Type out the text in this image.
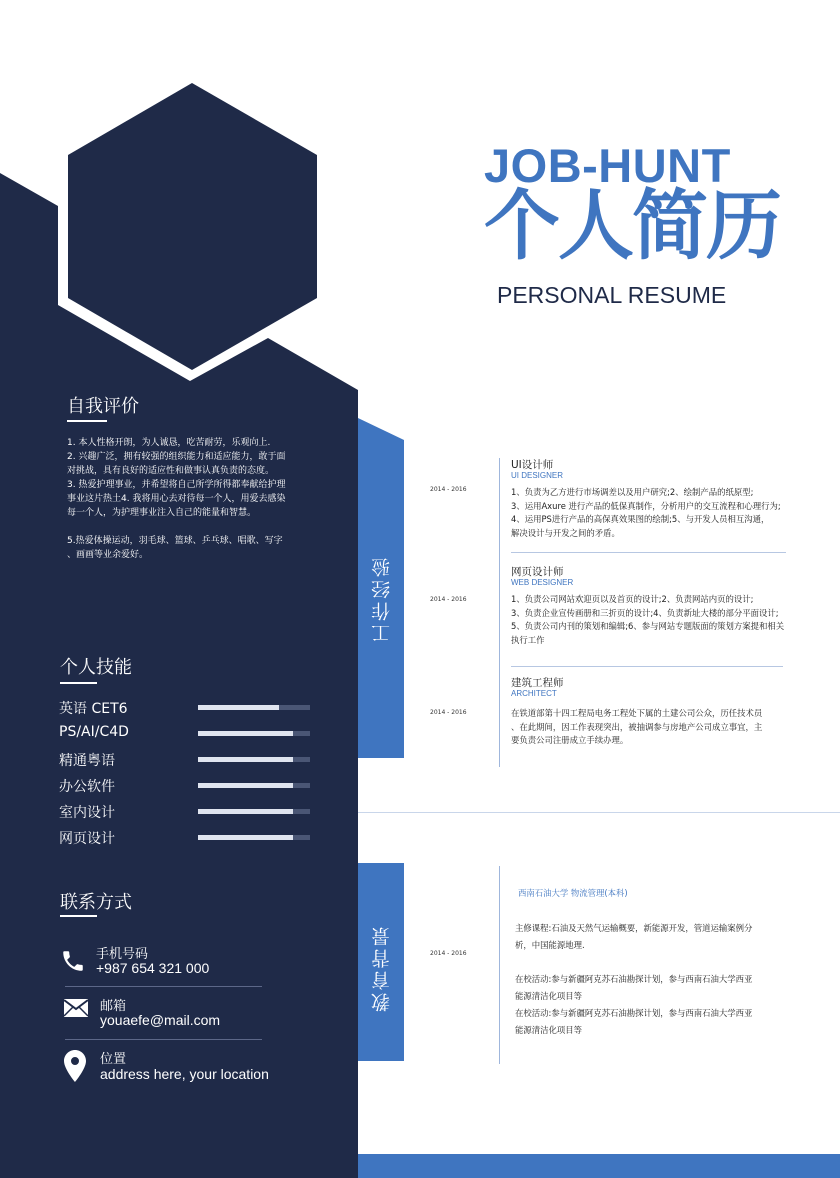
JOB-HUNT
个人简历
PERSONAL RESUME
自我评价

1. 本人性格开朗，为人诚恳，吃苦耐劳，乐观向上.

2. 兴趣广泛，拥有较强的组织能力和适应能力，敢于面

对挑战，具有良好的适应性和做事认真负责的态度。

3. 热爱护理事业，并希望将自己所学所得都奉献给护理

事业这片热土4. 我将用心去对待每一个人，用爱去感染

每一个人，为护理事业注入自己的能量和智慧。

5.热爱体操运动，羽毛球、篮球、乒乓球、唱歌、写字

、画画等业余爱好。

个人技能
英语 CET6
PS/AI/C4D
精通粤语
办公软件
室内设计
网页设计
联系方式
手机号码
+987 654 321 000
邮箱
youaefe@mail.com
位置
address here, your location
工作经验
2014 - 2016
UI设计师
UI DESIGNER

1、负责为乙方进行市场调差以及用户研究;2、绘制产品的纸原型;

3、运用Axure 进行产品的低保真制作，分析用户的交互流程和心理行为;

4、运用PS进行产品的高保真效果图的绘制;5、与开发人员相互沟通，

解决设计与开发之间的矛盾。

2014 - 2016
网页设计师
WEB DESIGNER

1、负责公司网站欢迎页以及首页的设计;2、负责网站内页的设计;

3、负责企业宣传画册和三折页的设计;4、负责新址大楼的部分平面设计;

5、负责公司内刊的策划和编辑;6、参与网站专题版面的策划方案提和相关

执行工作

2014 - 2016
建筑工程师
ARCHITECT

在铁道部第十四工程局电务工程处下属的土建公司公众，历任技术员

、在此期间，因工作表现突出，被抽调参与房地产公司成立事宜，主

要负责公司注册成立手续办理。

教育背景	2014 - 2016
西南石油大学 物流管理(本科)

主修课程:石油及天然气运输概要，新能源开发，管道运输案例分

析，中国能源地理.

在校活动:参与新疆阿克苏石油勘探计划，参与西南石油大学西亚

能源清洁化项目等

在校活动:参与新疆阿克苏石油勘探计划，参与西南石油大学西亚

能源清洁化项目等
